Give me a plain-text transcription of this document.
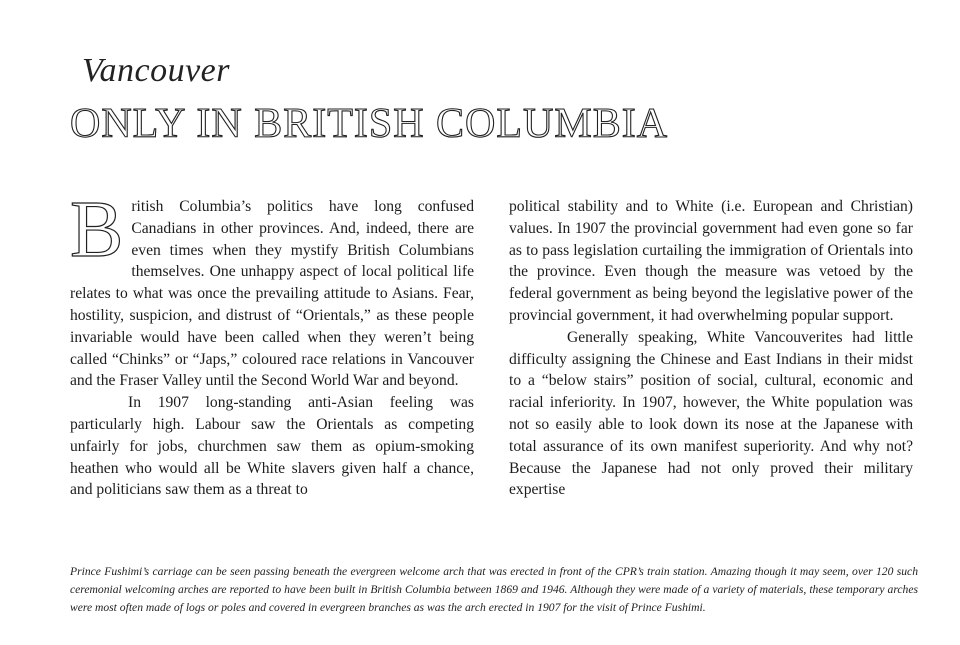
Vancouver
ONLY IN BRITISH COLUMBIA

British Columbia’s politics have long confused Canadians in other provinces. And, indeed, there are even times when they mystify British Columbians themselves. One unhappy aspect of local political life relates to what was once the prevailing attitude to Asians. Fear, hostility, suspicion, and distrust of “Orientals,” as these people invariable would have been called when they weren’t being called “Chinks” or “Japs,” coloured race relations in Vancouver and the Fraser Valley until the Second World War and beyond.

In 1907 long-standing anti-Asian feeling was particularly high. Labour saw the Orientals as competing unfairly for jobs, churchmen saw them as opium-smoking heathen who would all be White slavers given half a chance, and politicians saw them as a threat to

political stability and to White (i.e. European and Christian) values. In 1907 the provincial government had even gone so far as to pass legislation curtailing the immigration of Orientals into the province. Even though the measure was vetoed by the federal government as being beyond the legislative power of the provincial government, it had overwhelming popular support.

Generally speaking, White Vancouverites had little difficulty assigning the Chinese and East Indians in their midst to a “below stairs” position of social, cultural, economic and racial inferiority. In 1907, however, the White population was not so easily able to look down its nose at the Japanese with total assurance of its own manifest superiority. And why not? Because the Japanese had not only proved their military expertise

Prince Fushimi’s carriage can be seen passing beneath the evergreen welcome arch that was erected in front of the CPR’s train station. Amazing though it may seem, over 120 such ceremonial welcoming arches are reported to have been built in British Columbia between 1869 and 1946. Although they were made of a variety of materials, these temporary arches were most often made of logs or poles and covered in evergreen branches as was the arch erected in 1907 for the visit of Prince Fushimi.
